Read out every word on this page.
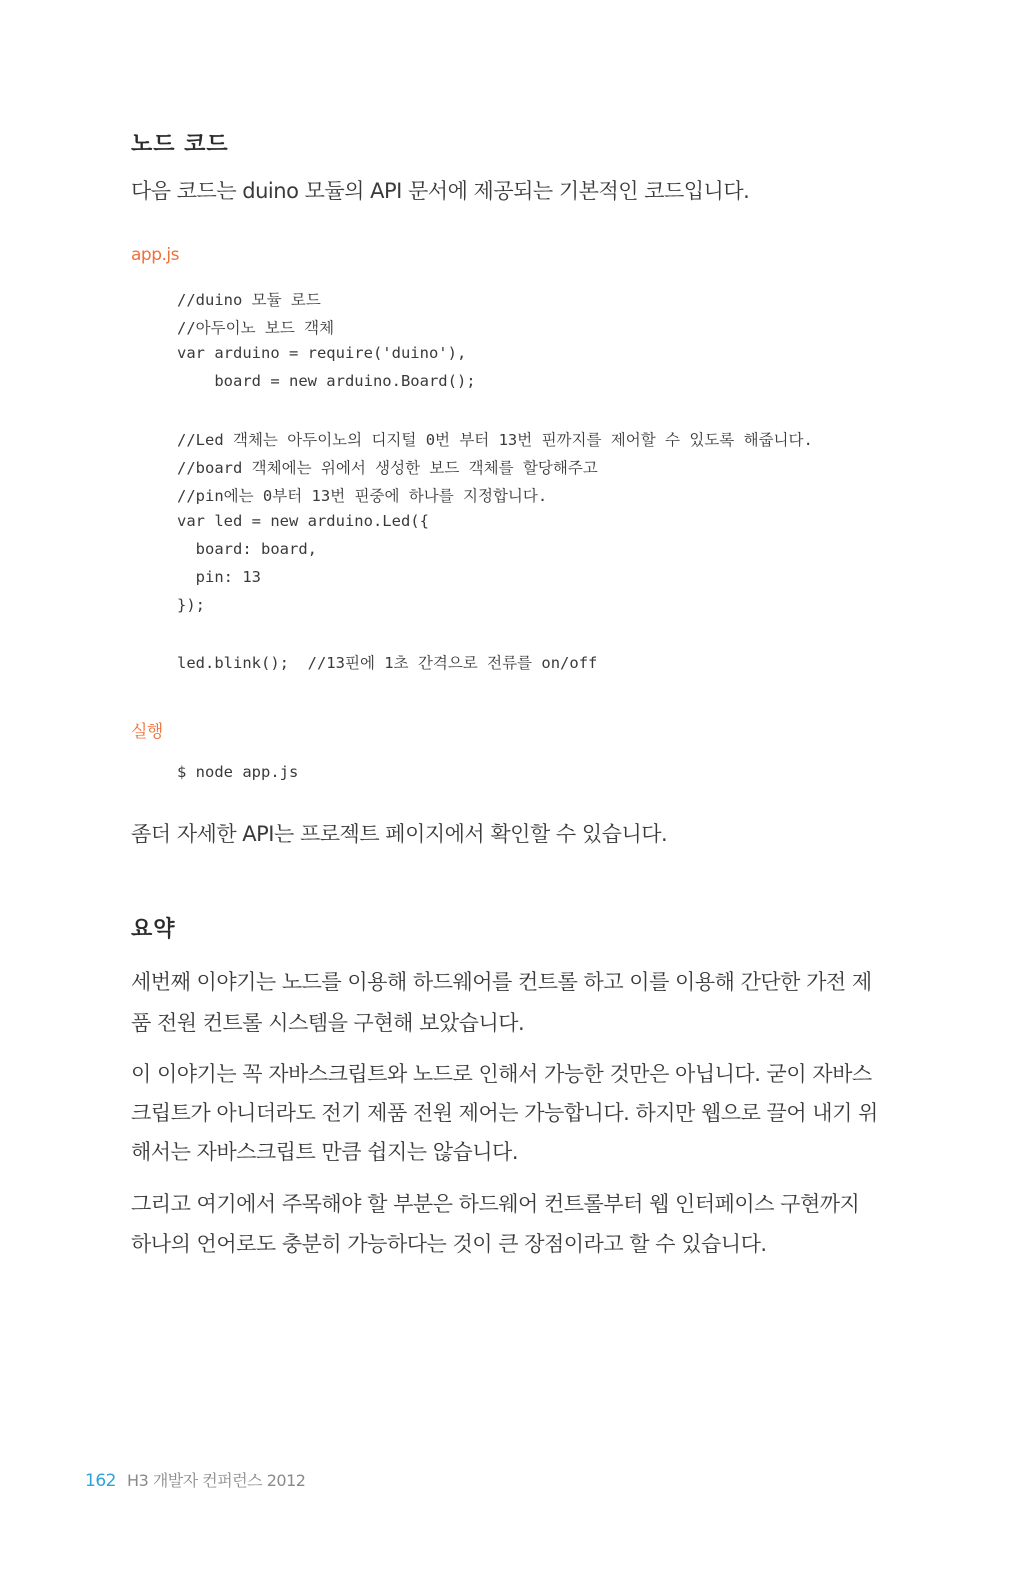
노드 코드
다음 코드는 duino 모듈의 API 문서에 제공되는 기본적인 코드입니다.
app.js
//duino 모듈 로드
//아두이노 보드 객체
var arduino = require('duino'),
board = new arduino.Board();
//Led 객체는 아두이노의 디지털 0번 부터 13번 핀까지를 제어할 수 있도록 해줍니다.
//board 객체에는 위에서 생성한 보드 객체를 할당해주고
//pin에는 0부터 13번 핀중에 하나를 지정합니다.
var led = new arduino.Led({
board: board,
pin: 13
});
led.blink();  //13핀에 1초 간격으로 전류를 on/off
실행
$ node app.js
좀더 자세한 API는 프로젝트 페이지에서 확인할 수 있습니다.
요약
세번째 이야기는 노드를 이용해 하드웨어를 컨트롤 하고 이를 이용해 간단한 가전 제
품 전원 컨트롤 시스템을 구현해 보았습니다.
이 이야기는 꼭 자바스크립트와 노드로 인해서 가능한 것만은 아닙니다. 굳이 자바스
크립트가 아니더라도 전기 제품 전원 제어는 가능합니다. 하지만 웹으로 끌어 내기 위
해서는 자바스크립트 만큼 쉽지는 않습니다.
그리고 여기에서 주목해야 할 부분은 하드웨어 컨트롤부터 웹 인터페이스 구현까지
하나의 언어로도 충분히 가능하다는 것이 큰 장점이라고 할 수 있습니다.
162 H3 개발자 컨퍼런스 2012
